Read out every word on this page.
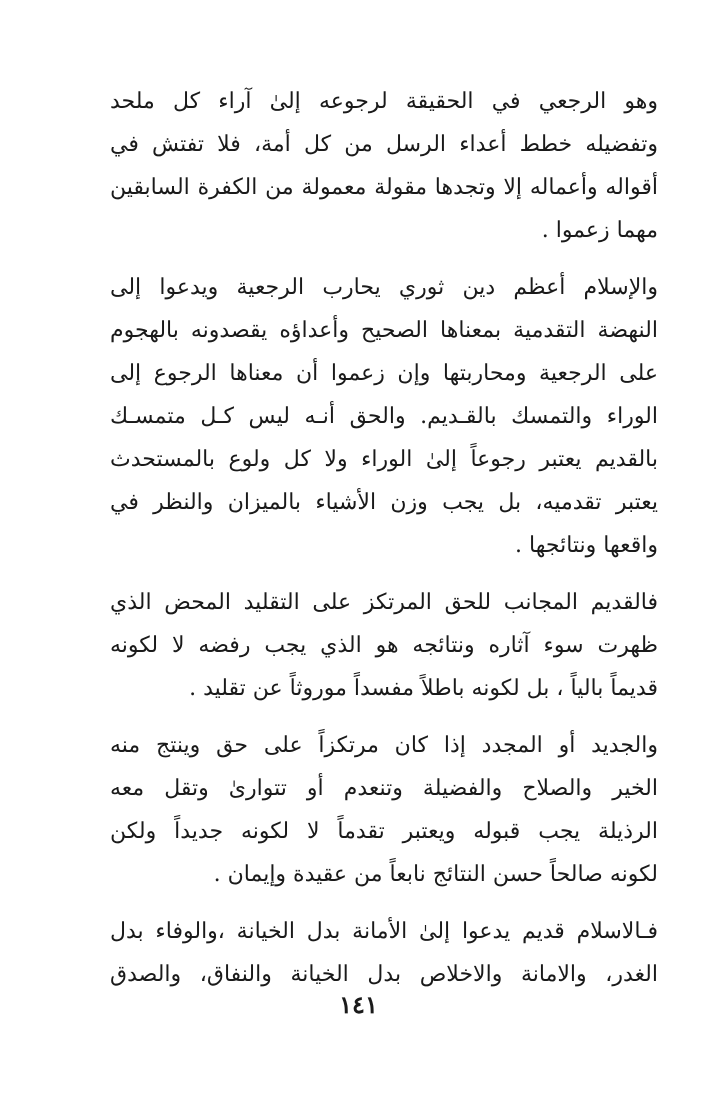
وهو الرجعي في الحقيقة لرجوعه إلىٰ آراء كل ملحد
وتفضيله خطط أعداء الرسل من كل أمة، فلا تفتش في
أقواله وأعماله إلا وتجدها مقولة معمولة من الكفرة السابقين
مهما زعموا .
والإسلام أعظم دين ثوري يحارب الرجعية ويدعوا إلى
النهضة التقدمية بمعناها الصحيح وأعداؤه يقصدونه بالهجوم
على الرجعية ومحاربتها وإن زعموا أن معناها الرجوع إلى
الوراء والتمسك بالقـديم. والحق أنـه ليس كـل متمسـك
بالقديم يعتبر رجوعاً إلىٰ الوراء ولا كل ولوع بالمستحدث
يعتبر تقدميه، بل يجب وزن الأشياء بالميزان والنظر في
واقعها ونتائجها .
فالقديم المجانب للحق المرتكز على التقليد المحض الذي
ظهرت سوء آثاره ونتائجه هو الذي يجب رفضه لا لكونه
قديماً بالياً ، بل لكونه باطلاً مفسداً موروثاً عن تقليد .
والجديد أو المجدد إذا كان مرتكزاً على حق وينتج منه
الخير والصلاح والفضيلة وتنعدم أو تتوارىٰ وتقل معه
الرذيلة يجب قبوله ويعتبر تقدماً لا لكونه جديداً ولكن
لكونه صالحاً حسن النتائج نابعاً من عقيدة وإيمان .
فـالاسلام قديم يدعوا إلىٰ الأمانة بدل الخيانة ،والوفاء بدل
الغدر، والامانة والاخلاص بدل الخيانة والنفاق، والصدق
١٤١
